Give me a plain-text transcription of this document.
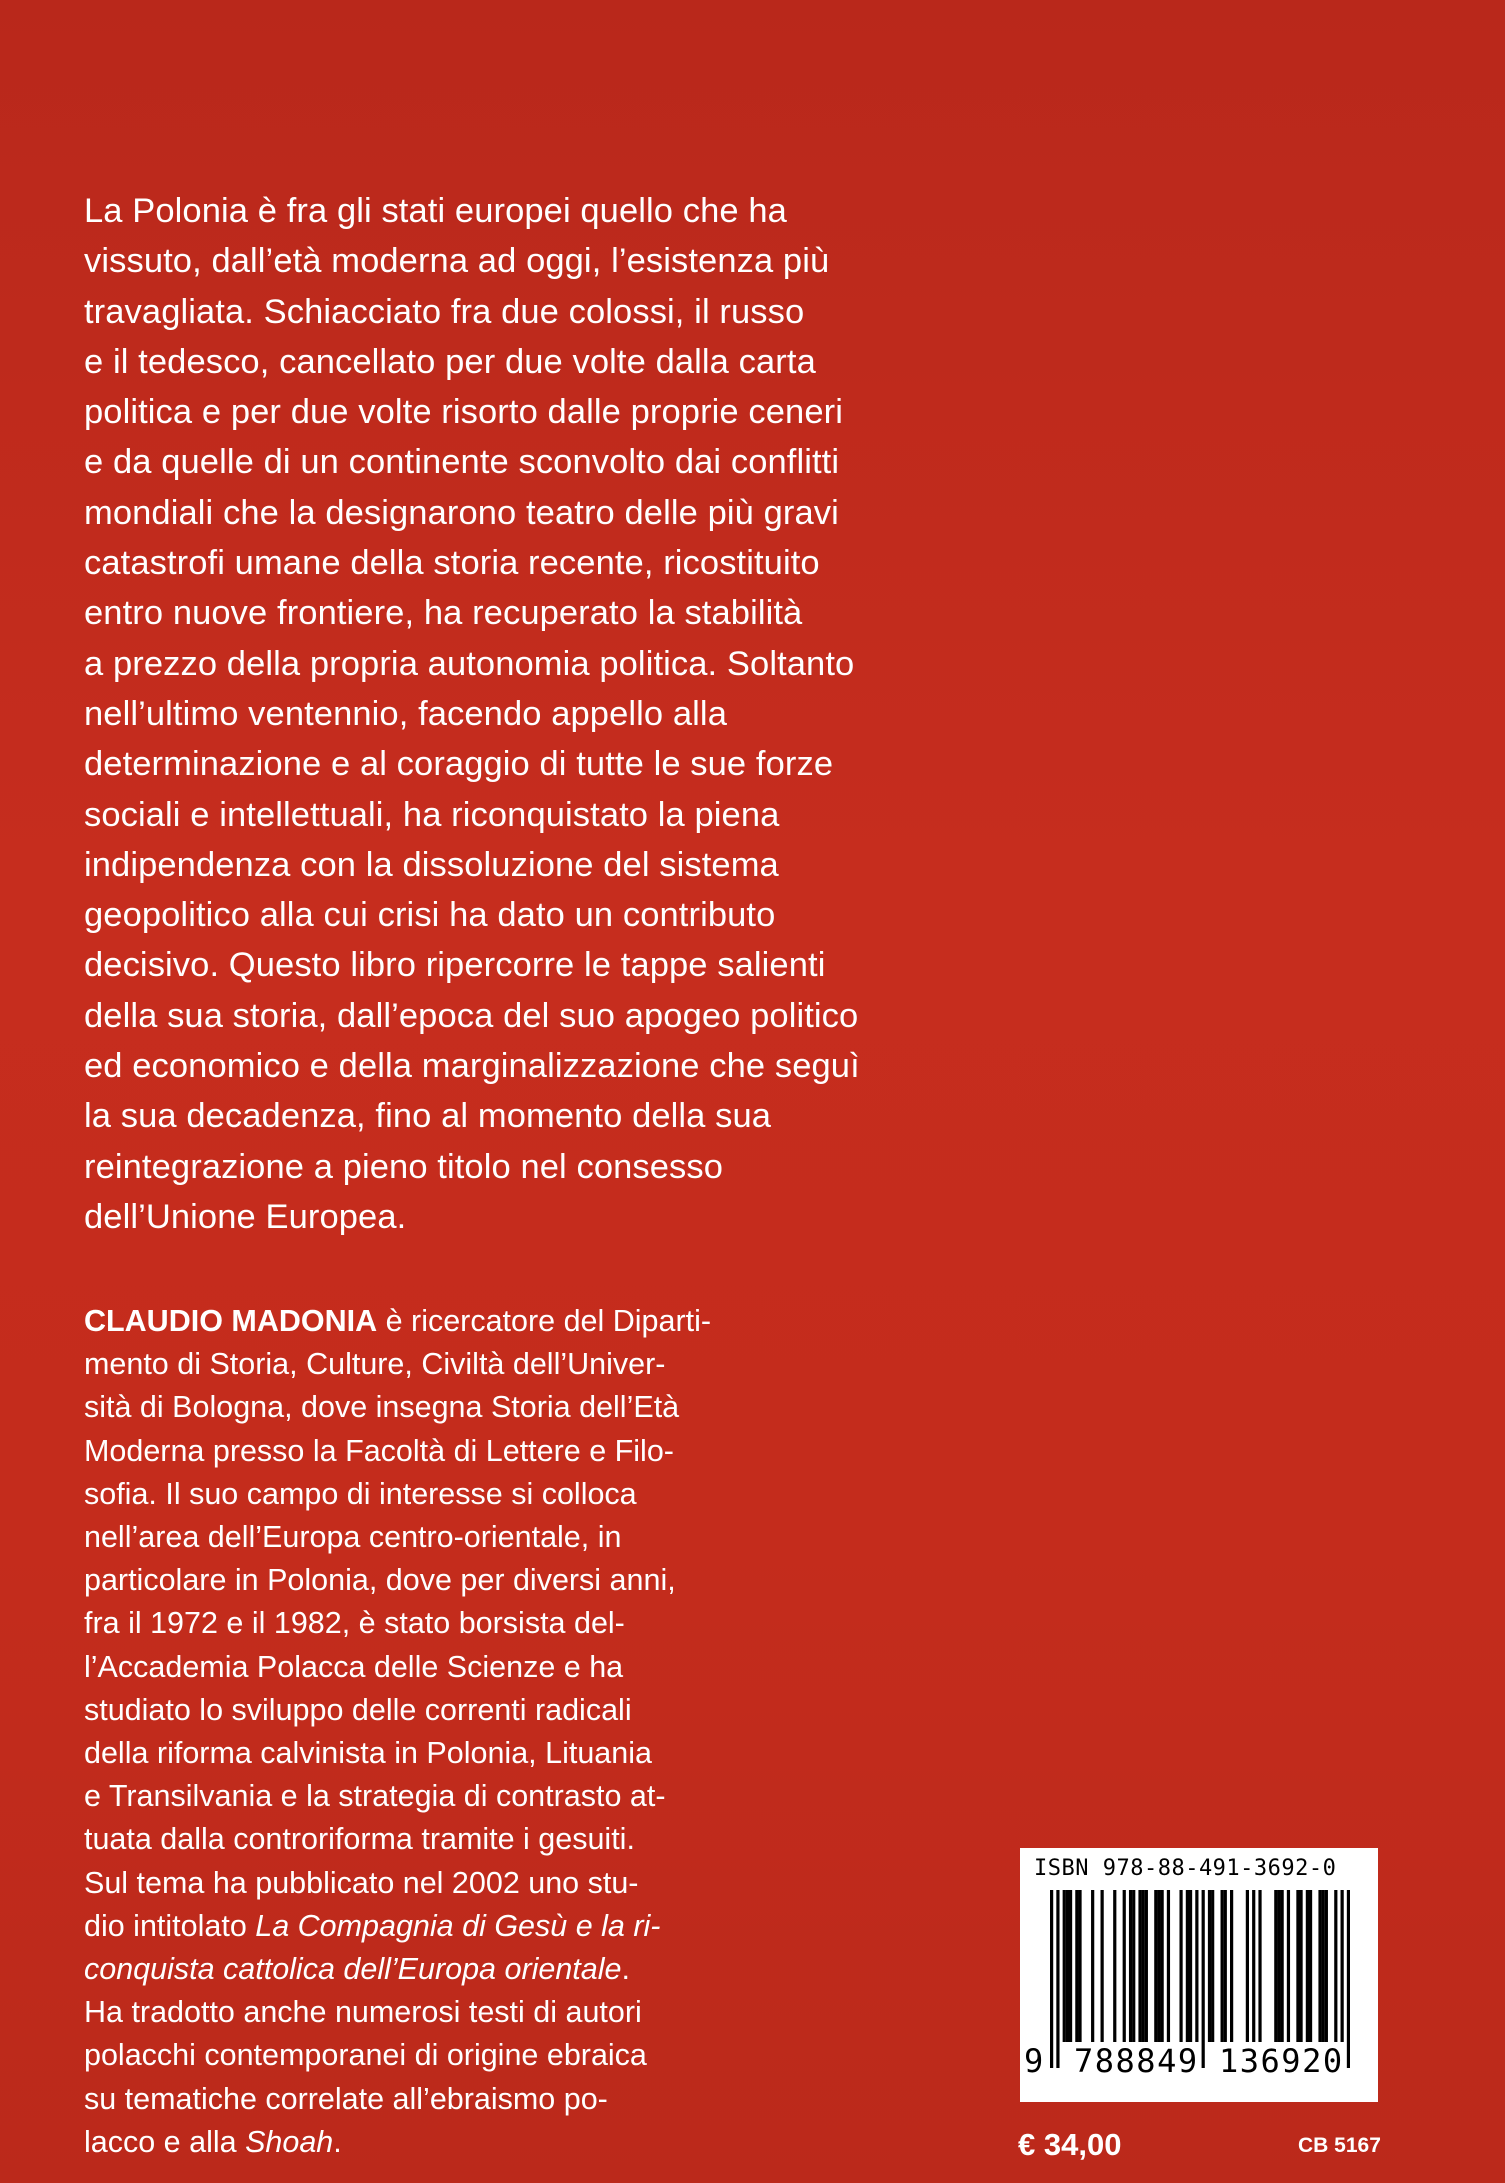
La Polonia è fra gli stati europei quello che ha
vissuto, dall’età moderna ad oggi, l’esistenza più
travagliata. Schiacciato fra due colossi, il russo
e il tedesco, cancellato per due volte dalla carta
politica e per due volte risorto dalle proprie ceneri
e da quelle di un continente sconvolto dai conflitti
mondiali che la designarono teatro delle più gravi
catastrofi umane della storia recente, ricostituito
entro nuove frontiere, ha recuperato la stabilità
a prezzo della propria autonomia politica. Soltanto
nell’ultimo ventennio, facendo appello alla
determinazione e al coraggio di tutte le sue forze
sociali e intellettuali, ha riconquistato la piena
indipendenza con la dissoluzione del sistema
geopolitico alla cui crisi ha dato un contributo
decisivo. Questo libro ripercorre le tappe salienti
della sua storia, dall’epoca del suo apogeo politico
ed economico e della marginalizzazione che seguì
la sua decadenza, fino al momento della sua
reintegrazione a pieno titolo nel consesso
dell’Unione Europea.
CLAUDIO MADONIA è ricercatore del Diparti-
mento di Storia, Culture, Civiltà dell’Univer-
sità di Bologna, dove insegna Storia dell’Età
Moderna presso la Facoltà di Lettere e Filo-
sofia. Il suo campo di interesse si colloca
nell’area dell’Europa centro-orientale, in
particolare in Polonia, dove per diversi anni,
fra il 1972 e il 1982, è stato borsista del-
l’Accademia Polacca delle Scienze e ha
studiato lo sviluppo delle correnti radicali
della riforma calvinista in Polonia, Lituania
e Transilvania e la strategia di contrasto at-
tuata dalla controriforma tramite i gesuiti.
Sul tema ha pubblicato nel 2002 uno stu-
dio intitolato La Compagnia di Gesù e la ri-
conquista cattolica dell’Europa orientale.
Ha tradotto anche numerosi testi di autori
polacchi contemporanei di origine ebraica
su tematiche correlate all’ebraismo po-
lacco e alla Shoah.
ISBN 978-88-491-3692-0
9 788849 136920
€ 34,00	CB 5167
